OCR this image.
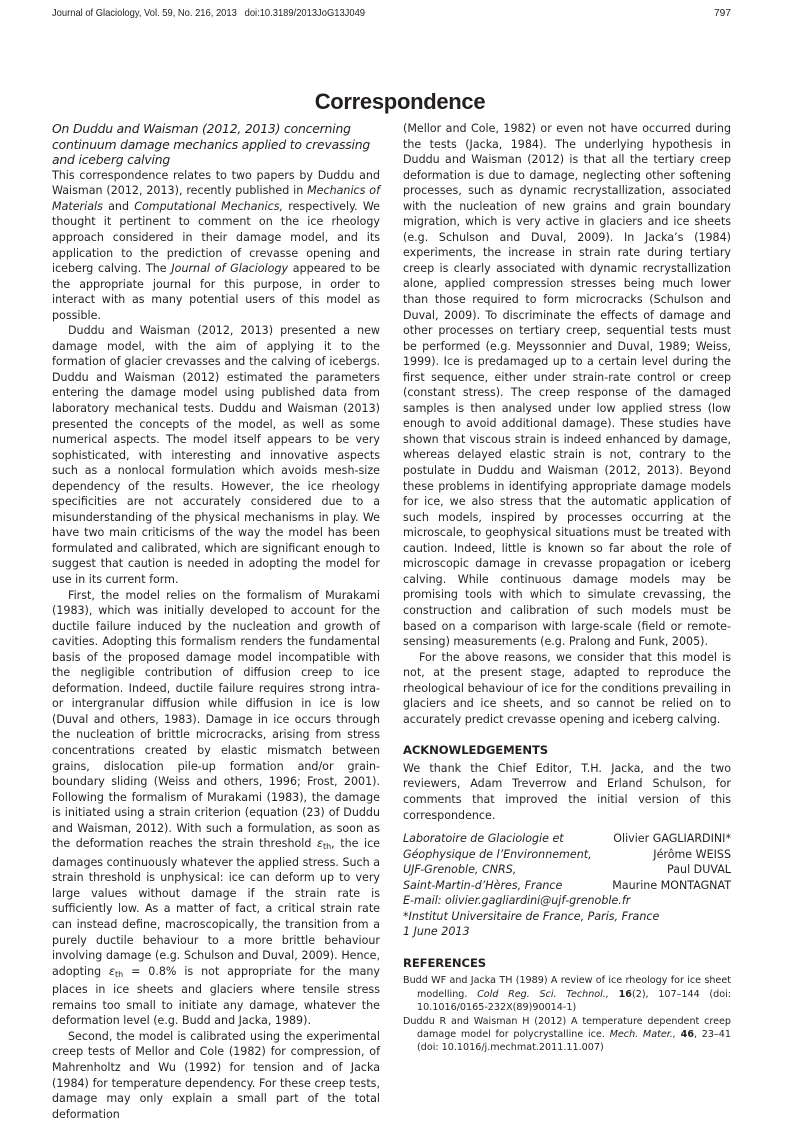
Journal of Glaciology, Vol. 59, No. 216, 2013 doi:10.3189/2013JoG13J049	797
Correspondence

On Duddu and Waisman (2012, 2013) concerning continuum damage mechanics applied to crevassing and iceberg calving

This correspondence relates to two papers by Duddu and Waisman (2012, 2013), recently published in Mechanics of Materials and Computational Mechanics, respectively. We thought it pertinent to comment on the ice rheology approach considered in their damage model, and its application to the prediction of crevasse opening and iceberg calving. The Journal of Glaciology appeared to be the appropriate journal for this purpose, in order to interact with as many potential users of this model as possible.

Duddu and Waisman (2012, 2013) presented a new damage model, with the aim of applying it to the formation of glacier crevasses and the calving of icebergs. Duddu and Waisman (2012) estimated the parameters entering the damage model using published data from laboratory mechanical tests. Duddu and Waisman (2013) presented the concepts of the model, as well as some numerical aspects. The model itself appears to be very sophisticated, with interesting and innovative aspects such as a nonlocal formulation which avoids mesh-size dependency of the results. However, the ice rheology specificities are not accurately considered due to a misunderstanding of the physical mechanisms in play. We have two main criticisms of the way the model has been formulated and calibrated, which are significant enough to suggest that caution is needed in adopting the model for use in its current form.

First, the model relies on the formalism of Murakami (1983), which was initially developed to account for the ductile failure induced by the nucleation and growth of cavities. Adopting this formalism renders the fundamental basis of the proposed damage model incompatible with the negligible contribution of diffusion creep to ice deformation. Indeed, ductile failure requires strong intra- or intergranular diffusion while diffusion in ice is low (Duval and others, 1983). Damage in ice occurs through the nucleation of brittle microcracks, arising from stress concentrations created by elastic mismatch between grains, dislocation pile-up formation and/or grain-boundary sliding (Weiss and others, 1996; Frost, 2001). Following the formalism of Murakami (1983), the damage is initiated using a strain criterion (equation (23) of Duddu and Waisman, 2012). With such a formulation, as soon as the deformation reaches the strain threshold $\varepsilon_{th}$, the ice damages continuously whatever the applied stress. Such a strain threshold is unphysical: ice can deform up to very large values without damage if the strain rate is sufficiently low. As a matter of fact, a critical strain rate can instead define, macroscopically, the transition from a purely ductile behaviour to a more brittle behaviour involving damage (e.g. Schulson and Duval, 2009). Hence, adopting $\varepsilon_{th} = 0.8\%$ is not appropriate for the many places in ice sheets and glaciers where tensile stress remains too small to initiate any damage, whatever the deformation level (e.g. Budd and Jacka, 1989).

Second, the model is calibrated using the experimental creep tests of Mellor and Cole (1982) for compression, of Mahrenholtz and Wu (1992) for tension and of Jacka (1984) for temperature dependency. For these creep tests, damage may only explain a small part of the total deformation

(Mellor and Cole, 1982) or even not have occurred during the tests (Jacka, 1984). The underlying hypothesis in Duddu and Waisman (2012) is that all the tertiary creep deformation is due to damage, neglecting other softening processes, such as dynamic recrystallization, associated with the nucleation of new grains and grain boundary migration, which is very active in glaciers and ice sheets (e.g. Schulson and Duval, 2009). In Jacka’s (1984) experiments, the increase in strain rate during tertiary creep is clearly associated with dynamic recrystallization alone, applied compression stresses being much lower than those required to form microcracks (Schulson and Duval, 2009). To discriminate the effects of damage and other processes on tertiary creep, sequential tests must be performed (e.g. Meyssonnier and Duval, 1989; Weiss, 1999). Ice is predamaged up to a certain level during the first sequence, either under strain-rate control or creep (constant stress). The creep response of the damaged samples is then analysed under low applied stress (low enough to avoid additional damage). These studies have shown that viscous strain is indeed enhanced by damage, whereas delayed elastic strain is not, contrary to the postulate in Duddu and Waisman (2012, 2013). Beyond these problems in identifying appropriate damage models for ice, we also stress that the automatic application of such models, inspired by processes occurring at the microscale, to geophysical situations must be treated with caution. Indeed, little is known so far about the role of microscopic damage in crevasse propagation or iceberg calving. While continuous damage models may be promising tools with which to simulate crevassing, the construction and calibration of such models must be based on a comparison with large-scale (field or remote-sensing) measurements (e.g. Pralong and Funk, 2005).

For the above reasons, we consider that this model is not, at the present stage, adapted to reproduce the rheological behaviour of ice for the conditions prevailing in glaciers and ice sheets, and so cannot be relied on to accurately predict crevasse opening and iceberg calving.

ACKNOWLEDGEMENTS

We thank the Chief Editor, T.H. Jacka, and the two reviewers, Adam Treverrow and Erland Schulson, for comments that improved the initial version of this correspondence.

Laboratoire de Glaciologie et	Olivier GAGLIARDINI*
Géophysique de l’Environnement,	Jérôme WEISS
UJF-Grenoble, CNRS,	Paul DUVAL
Saint-Martin-d’Hères, France	Maurine MONTAGNAT

E-mail: olivier.gagliardini@ujf-grenoble.fr

*Institut Universitaire de France, Paris, France

1 June 2013

REFERENCES

Budd WF and Jacka TH (1989) A review of ice rheology for ice sheet modelling. Cold Reg. Sci. Technol., 16(2), 107–144 (doi: 10.1016/0165-232X(89)90014-1)

Duddu R and Waisman H (2012) A temperature dependent creep damage model for polycrystalline ice. Mech. Mater., 46, 23–41 (doi: 10.1016/j.mechmat.2011.11.007)
